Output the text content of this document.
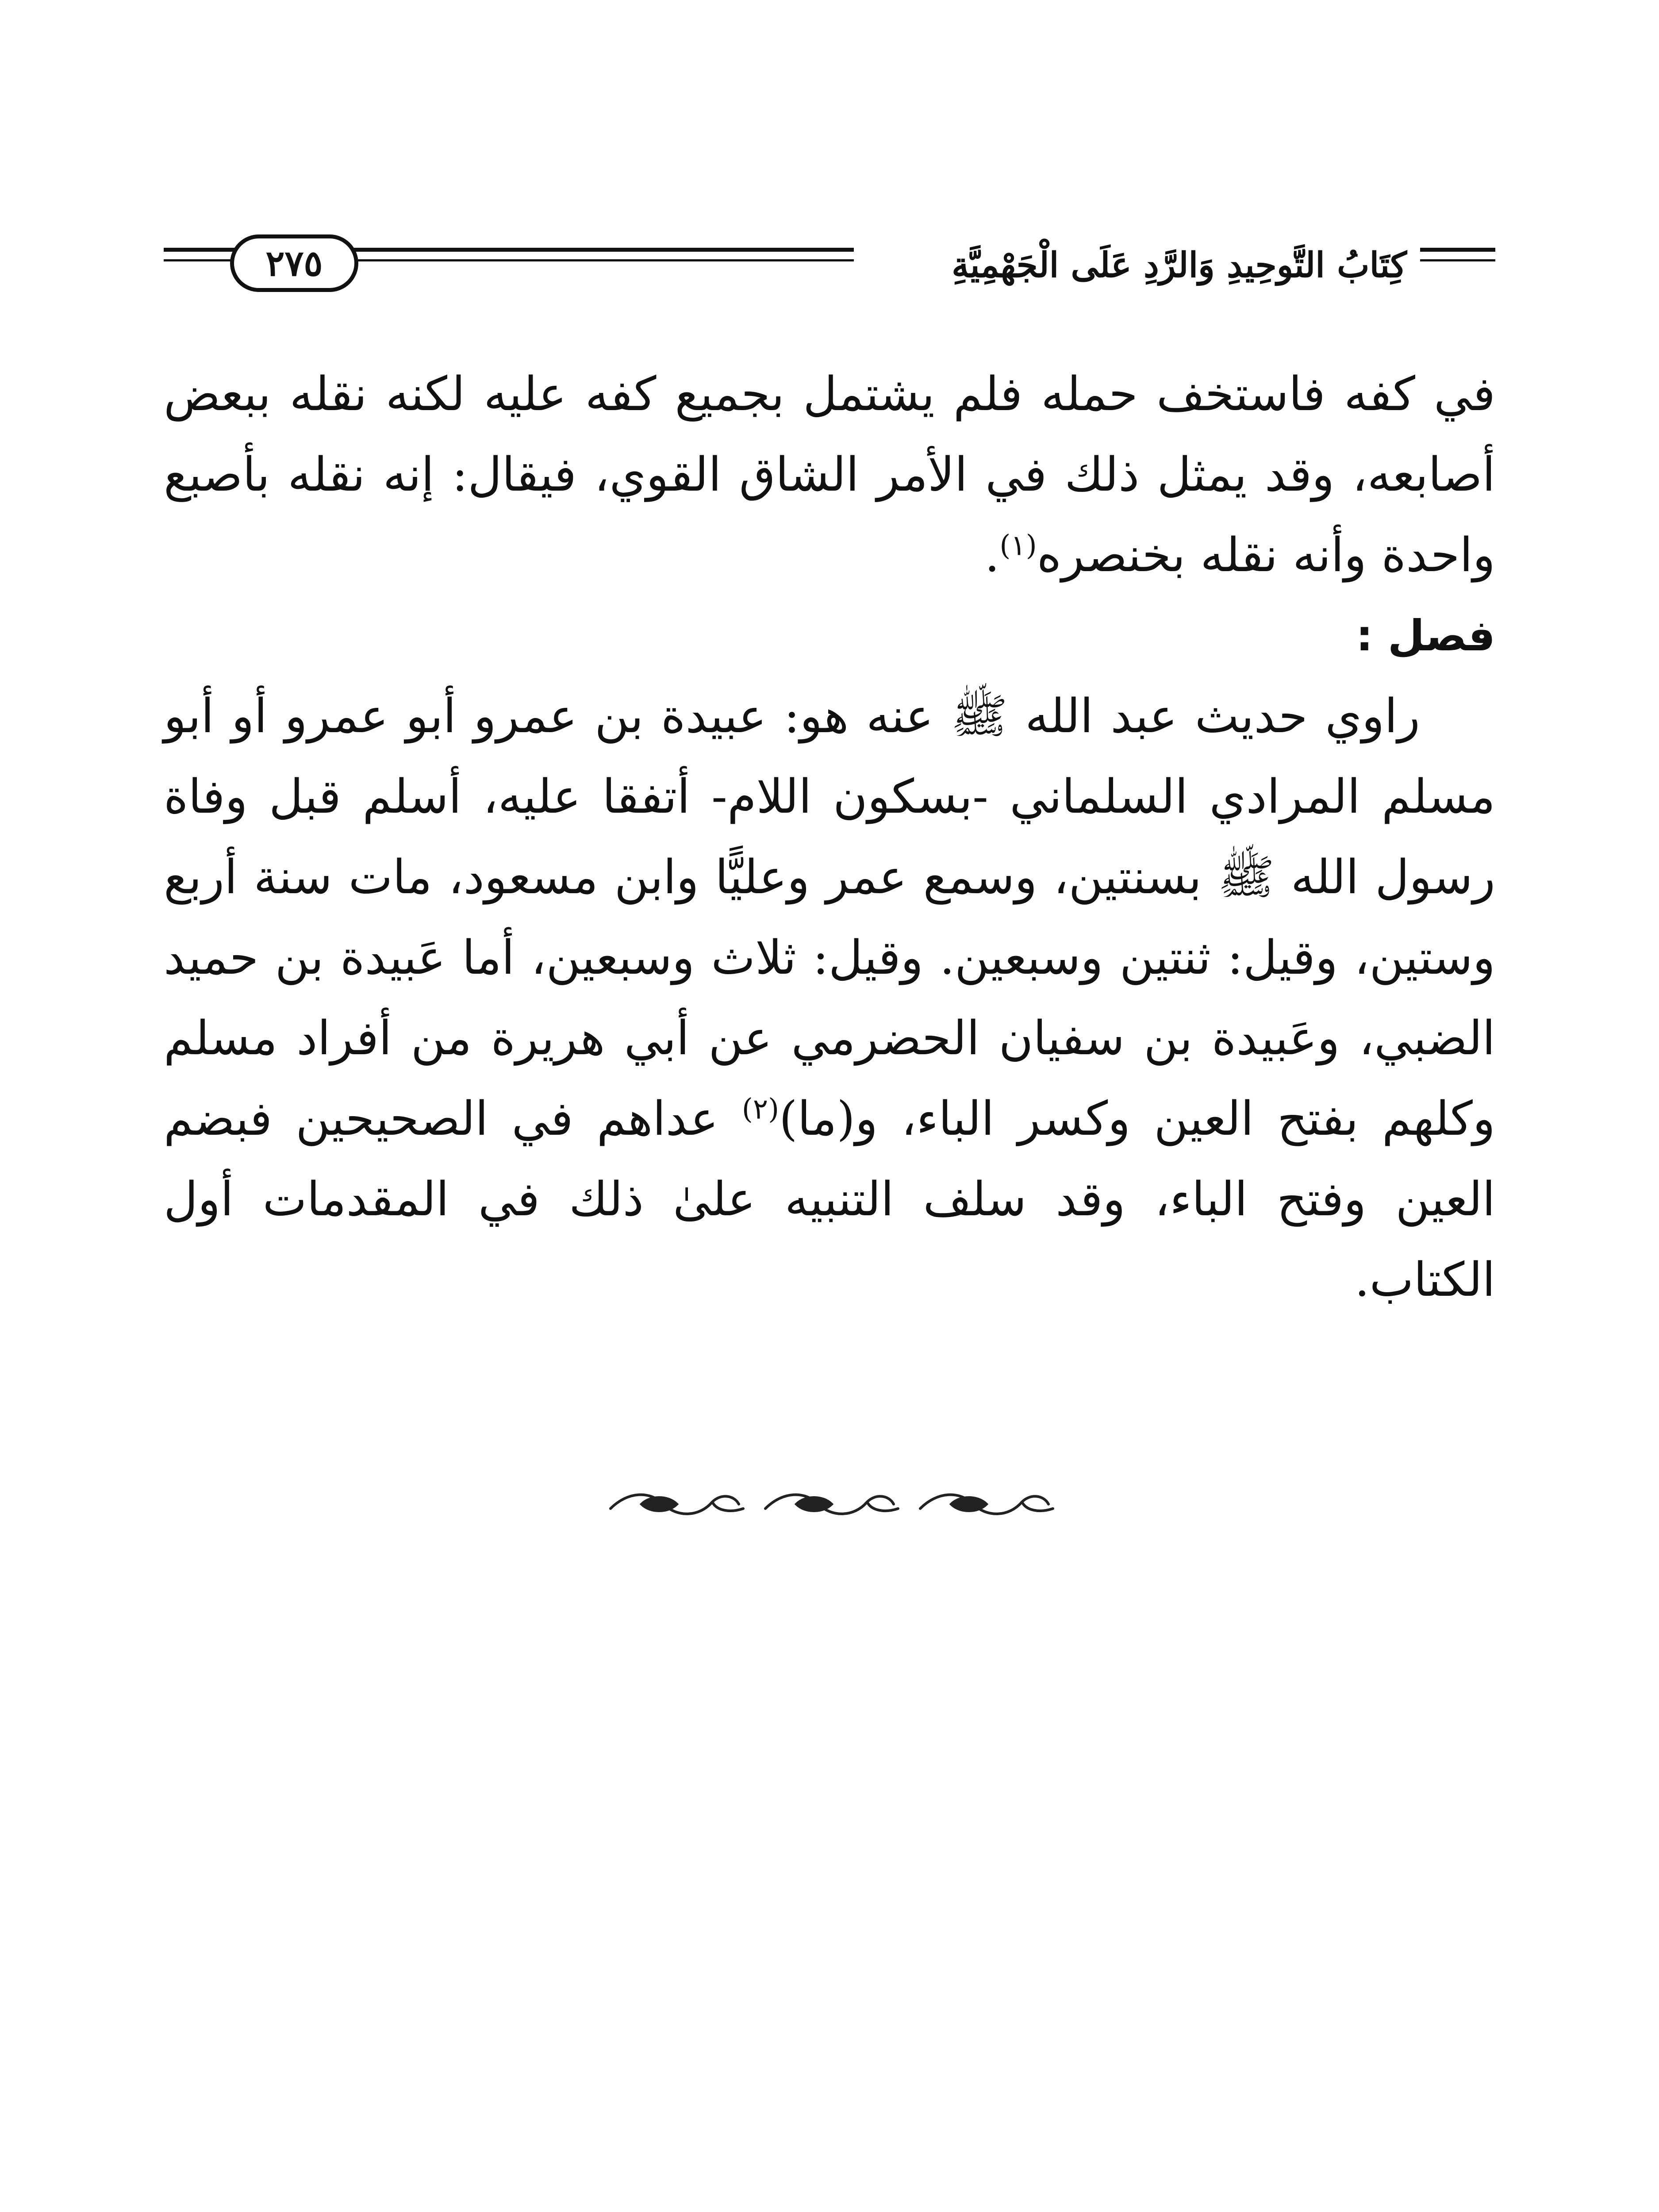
كِتَابُ التَّوحِيدِ وَالرَّدِ عَلَى الْجَهْمِيَّةِ
٢٧٥

في كفه فاستخف حمله فلم يشتمل بجميع كفه عليه لكنه نقله ببعض أصابعه، وقد يمثل ذلك في الأمر الشاق القوي، فيقال: إنه نقله بأصبع واحدة وأنه نقله بخنصره$^{(١)}$.

فصل :

راوي حديث عبد الله ﷺ عنه هو: عبيدة بن عمرو أبو عمرو أو أبو مسلم المرادي السلماني -بسكون اللام- أتفقا عليه، أسلم قبل وفاة رسول الله ﷺ بسنتين، وسمع عمر وعليًّا وابن مسعود، مات سنة أربع وستين، وقيل: ثنتين وسبعين. وقيل: ثلاث وسبعين، أما عَبيدة بن حميد الضبي، وعَبيدة بن سفيان الحضرمي عن أبي هريرة من أفراد مسلم وكلهم بفتح العين وكسر الباء، و(ما)$^{(٢)}$ عداهم في الصحيحين فبضم العين وفتح الباء، وقد سلف التنبيه علىٰ ذلك في المقدمات أول الكتاب.
